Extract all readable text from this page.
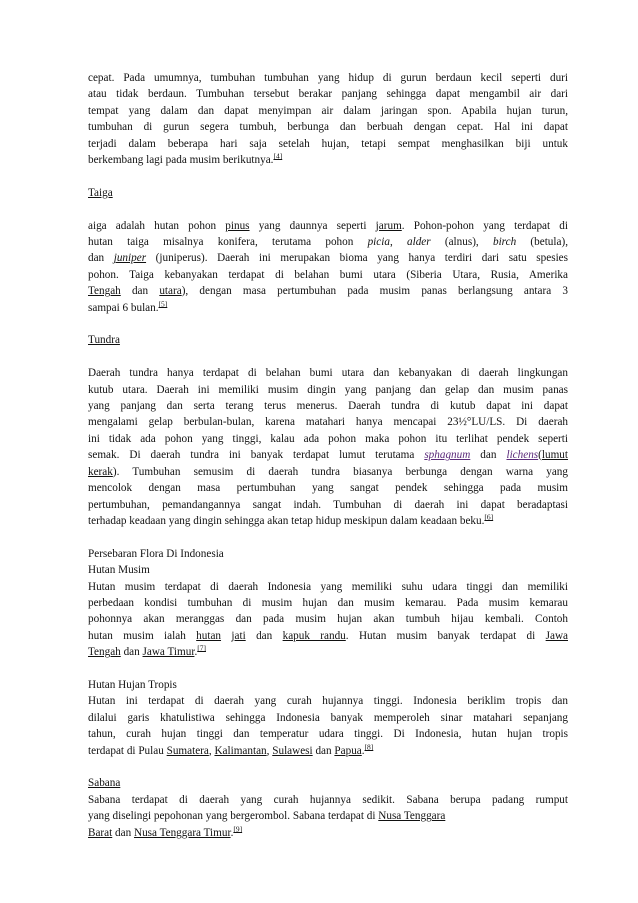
cepat. Pada umumnya, tumbuhan tumbuhan yang hidup di gurun berdaun kecil seperti duri
atau tidak berdaun. Tumbuhan tersebut berakar panjang sehingga dapat mengambil air dari
tempat yang dalam dan dapat menyimpan air dalam jaringan spon. Apabila hujan turun,
tumbuhan di gurun segera tumbuh, berbunga dan berbuah dengan cepat. Hal ini dapat
terjadi dalam beberapa hari saja setelah hujan, tetapi sempat menghasilkan biji untuk
berkembang lagi pada musim berikutnya.[4]

Taiga

aiga adalah hutan pohon pinus yang daunnya seperti jarum. Pohon-pohon yang terdapat di
hutan taiga misalnya konifera, terutama pohon picia, alder (alnus), birch (betula),
dan juniper (juniperus). Daerah ini merupakan bioma yang hanya terdiri dari satu spesies
pohon. Taiga kebanyakan terdapat di belahan bumi utara (Siberia Utara, Rusia, Amerika
Tengah dan utara), dengan masa pertumbuhan pada musim panas berlangsung antara 3
sampai 6 bulan.[5]

Tundra

Daerah tundra hanya terdapat di belahan bumi utara dan kebanyakan di daerah lingkungan
kutub utara. Daerah ini memiliki musim dingin yang panjang dan gelap dan musim panas
yang panjang dan serta terang terus menerus. Daerah tundra di kutub dapat ini dapat
mengalami gelap berbulan-bulan, karena matahari hanya mencapai 23½°LU/LS. Di daerah
ini tidak ada pohon yang tinggi, kalau ada pohon maka pohon itu terlihat pendek seperti
semak. Di daerah tundra ini banyak terdapat lumut terutama sphagnum dan lichens(lumut
kerak). Tumbuhan semusim di daerah tundra biasanya berbunga dengan warna yang
mencolok dengan masa pertumbuhan yang sangat pendek sehingga pada musim
pertumbuhan, pemandangannya sangat indah. Tumbuhan di daerah ini dapat beradaptasi
terhadap keadaan yang dingin sehingga akan tetap hidup meskipun dalam keadaan beku.[6]

Persebaran Flora Di Indonesia
Hutan Musim
Hutan musim terdapat di daerah Indonesia yang memiliki suhu udara tinggi dan memiliki
perbedaan kondisi tumbuhan di musim hujan dan musim kemarau. Pada musim kemarau
pohonnya akan meranggas dan pada musim hujan akan tumbuh hijau kembali. Contoh
hutan musim ialah hutan jati dan kapuk randu. Hutan musim banyak terdapat di Jawa
Tengah dan Jawa Timur.[7]

Hutan Hujan Tropis
Hutan ini terdapat di daerah yang curah hujannya tinggi. Indonesia beriklim tropis dan
dilalui garis khatulistiwa sehingga Indonesia banyak memperoleh sinar matahari sepanjang
tahun, curah hujan tinggi dan temperatur udara tinggi. Di Indonesia, hutan hujan tropis
terdapat di Pulau Sumatera, Kalimantan, Sulawesi dan Papua.[8]

Sabana
Sabana terdapat di daerah yang curah hujannya sedikit. Sabana berupa padang rumput
yang diselingi pepohonan yang bergerombol. Sabana terdapat di Nusa Tenggara
Barat dan Nusa Tenggara Timur.[9]
